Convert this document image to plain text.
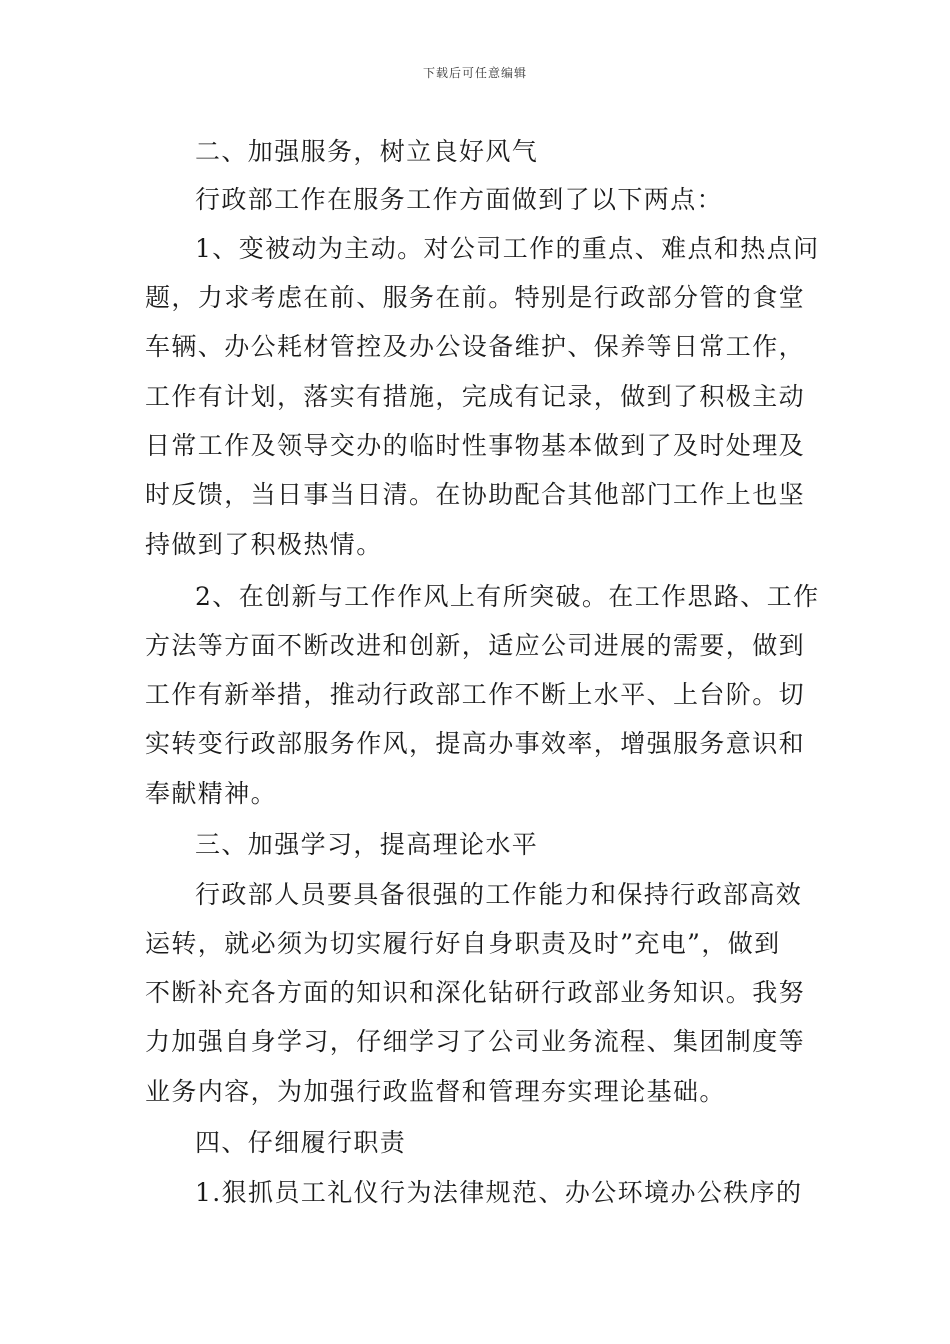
下载后可任意编辑
二、加强服务，树立良好风气
行政部工作在服务工作方面做到了以下两点：
1、变被动为主动。对公司工作的重点、难点和热点问
题，力求考虑在前、服务在前。特别是行政部分管的食堂
车辆、办公耗材管控及办公设备维护、保养等日常工作，
工作有计划，落实有措施，完成有记录，做到了积极主动
日常工作及领导交办的临时性事物基本做到了及时处理及
时反馈，当日事当日清。在协助配合其他部门工作上也坚
持做到了积极热情。
2、在创新与工作作风上有所突破。在工作思路、工作
方法等方面不断改进和创新，适应公司进展的需要，做到
工作有新举措，推动行政部工作不断上水平、上台阶。切
实转变行政部服务作风，提高办事效率，增强服务意识和
奉献精神。
三、加强学习，提高理论水平
行政部人员要具备很强的工作能力和保持行政部高效
运转，就必须为切实履行好自身职责及时”充电”，做到
不断补充各方面的知识和深化钻研行政部业务知识。我努
力加强自身学习，仔细学习了公司业务流程、集团制度等
业务内容，为加强行政监督和管理夯实理论基础。
四、仔细履行职责
1.狠抓员工礼仪行为法律规范、办公环境办公秩序的
